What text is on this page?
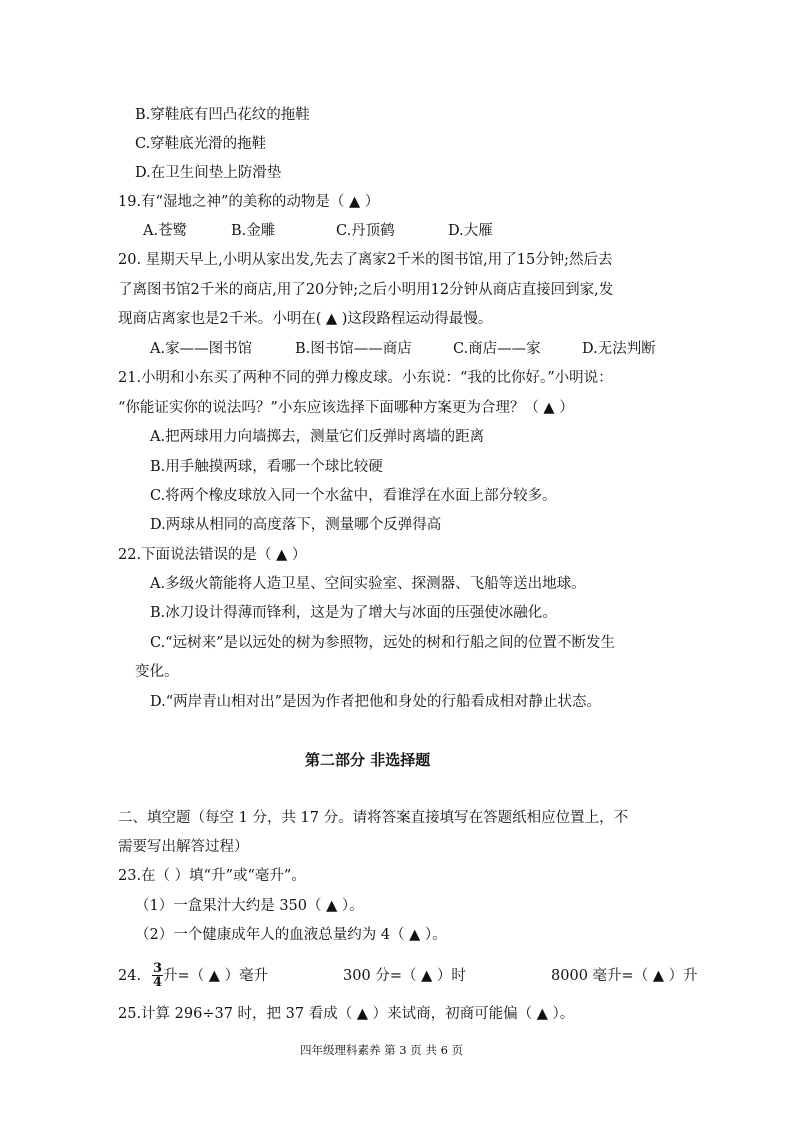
B.穿鞋底有凹凸花纹的拖鞋
C.穿鞋底光滑的拖鞋
D.在卫生间垫上防滑垫
19.有“湿地之神”的美称的动物是（ ▲ ）
A.苍鹭	B.金雕	C.丹顶鹤	D.大雁
20. 星期天早上,小明从家出发,先去了离家2千米的图书馆,用了15分钟;然后去
了离图书馆2千米的商店,用了20分钟;之后小明用12分钟从商店直接回到家,发
现商店离家也是2千米。小明在( ▲ )这段路程运动得最慢。
A.家——图书馆	B.图书馆——商店	C.商店——家	D.无法判断
21.小明和小东买了两种不同的弹力橡皮球。小东说：“我的比你好。”小明说：
“你能证实你的说法吗？”小东应该选择下面哪种方案更为合理？（ ▲ ）
A.把两球用力向墙掷去，测量它们反弹时离墙的距离
B.用手触摸两球，看哪一个球比较硬
C.将两个橡皮球放入同一个水盆中，看谁浮在水面上部分较多。
D.两球从相同的高度落下，测量哪个反弹得高
22.下面说法错误的是（ ▲ ）
A.多级火箭能将人造卫星、空间实验室、探测器、飞船等送出地球。
B.冰刀设计得薄而锋利，这是为了增大与冰面的压强使冰融化。
C.“远树来”是以远处的树为参照物，远处的树和行船之间的位置不断发生
变化。
D.“两岸青山相对出”是因为作者把他和身处的行船看成相对静止状态。
第二部分 非选择题
二、填空题（每空 1 分，共 17 分。请将答案直接填写在答题纸相应位置上，不
需要写出解答过程）
23.在（ ）填“升”或“毫升”。
（1）一盒果汁大约是 350（ ▲ ）。
（2）一个健康成年人的血液总量约为 4（ ▲ ）。
24. $\frac{3}{4}$ 升=（ ▲ ）毫升	300 分=（ ▲ ）时	8000 毫升=（ ▲ ）升
25.计算 296÷37 时，把 37 看成（ ▲ ）来试商，初商可能偏（ ▲ ）。
四年级理科素养 第 3 页 共 6 页
